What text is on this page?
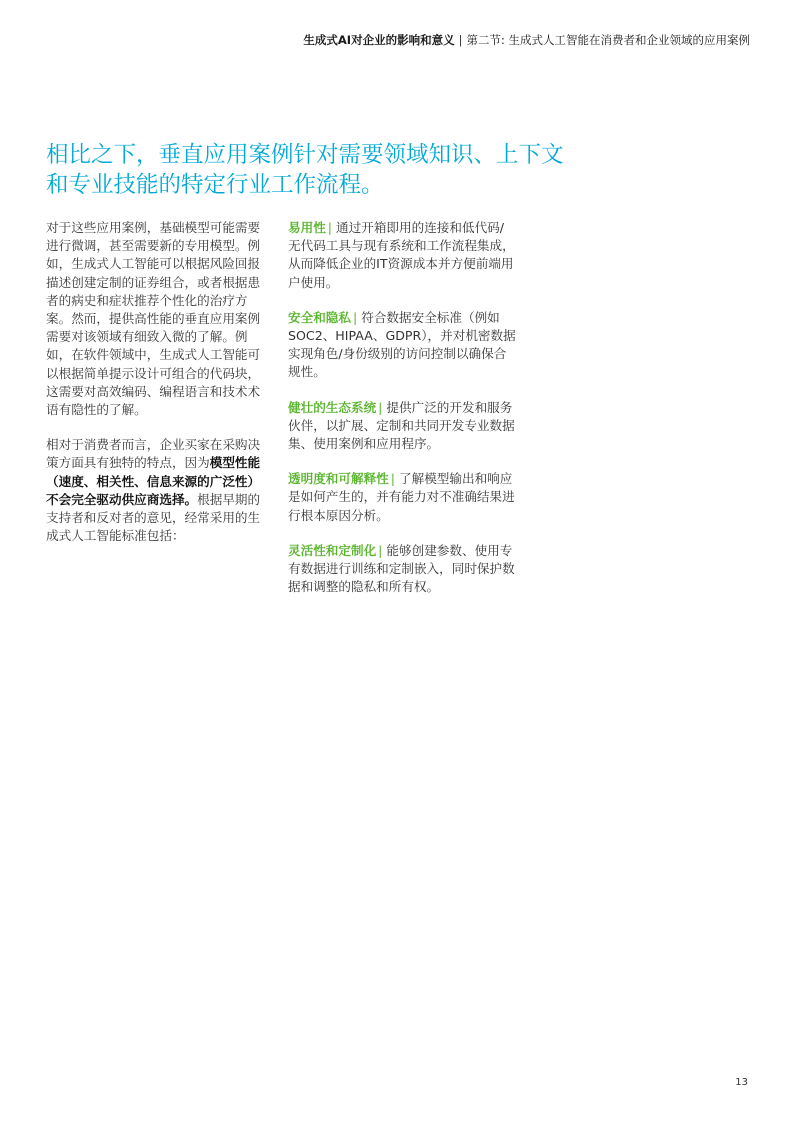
生成式AI对企业的影响和意义 | 第二节: 生成式人工智能在消费者和企业领域的应用案例
相比之下，垂直应用案例针对需要领域知识、上下文
和专业技能的特定行业工作流程。

对于这些应用案例，基础模型可能需要进行微调，甚至需要新的专用模型。例如，生成式人工智能可以根据风险回报描述创建定制的证券组合，或者根据患者的病史和症状推荐个性化的治疗方案。然而，提供高性能的垂直应用案例需要对该领域有细致入微的了解。例如，在软件领域中，生成式人工智能可以根据简单提示设计可组合的代码块，这需要对高效编码、编程语言和技术术语有隐性的了解。

相对于消费者而言，企业买家在采购决策方面具有独特的特点，因为模型性能（速度、相关性、信息来源的广泛性）不会完全驱动供应商选择。根据早期的支持者和反对者的意见，经常采用的生成式人工智能标准包括：

易用性 | 通过开箱即用的连接和低代码/无代码工具与现有系统和工作流程集成，从而降低企业的IT资源成本并方便前端用户使用。

安全和隐私 | 符合数据安全标准（例如SOC2、HIPAA、GDPR），并对机密数据实现角色/身份级别的访问控制以确保合规性。

健壮的生态系统 | 提供广泛的开发和服务伙伴，以扩展、定制和共同开发专业数据集、使用案例和应用程序。

透明度和可解释性 | 了解模型输出和响应是如何产生的，并有能力对不准确结果进行根本原因分析。

灵活性和定制化 | 能够创建参数、使用专有数据进行训练和定制嵌入，同时保护数据和调整的隐私和所有权。

13
